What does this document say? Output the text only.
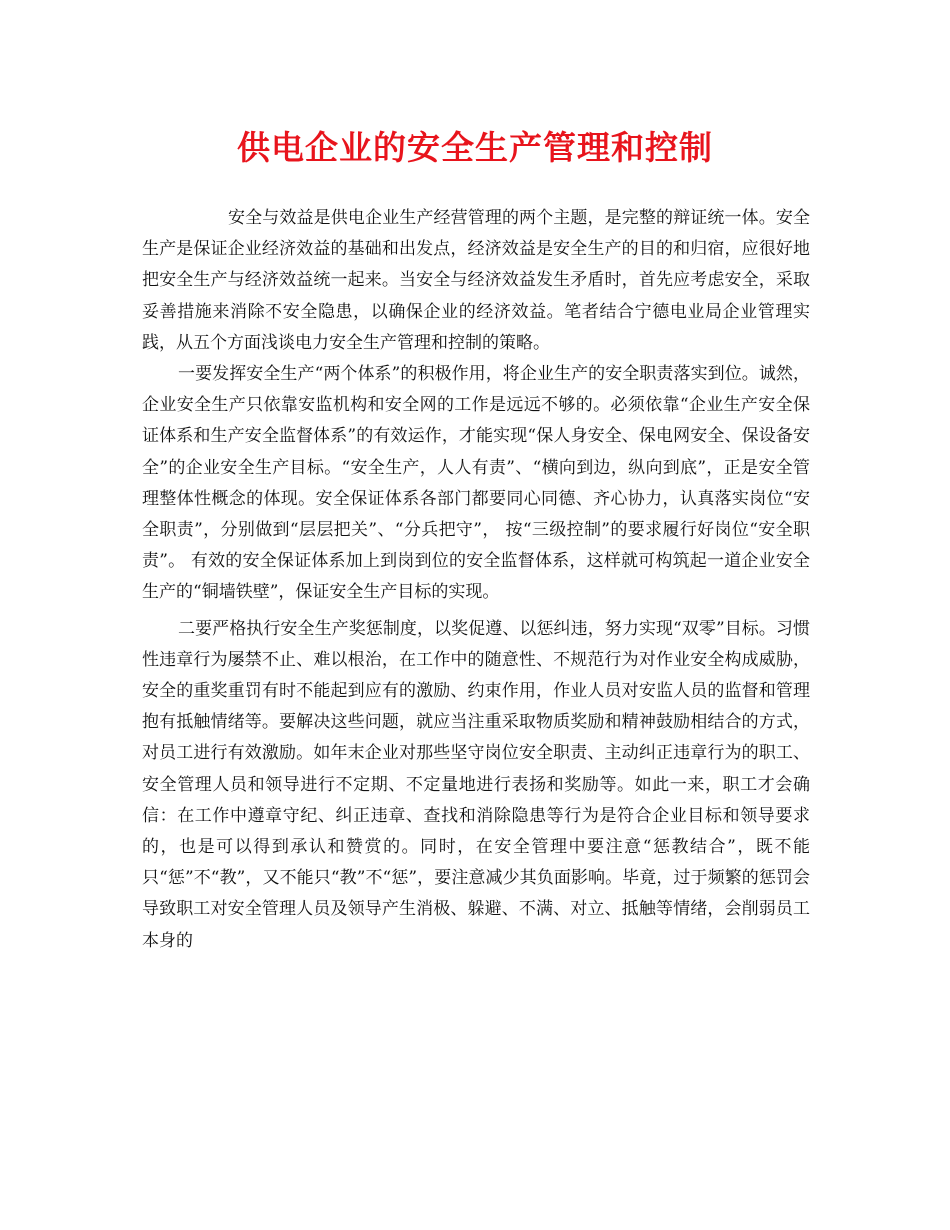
供电企业的安全生产管理和控制

安全与效益是供电企业生产经营管理的两个主题，是完整的辩证统一体。安全生产是保证企业经济效益的基础和出发点，经济效益是安全生产的目的和归宿，应很好地把安全生产与经济效益统一起来。当安全与经济效益发生矛盾时，首先应考虑安全，采取妥善措施来消除不安全隐患，以确保企业的经济效益。笔者结合宁德电业局企业管理实践，从五个方面浅谈电力安全生产管理和控制的策略。

一要发挥安全生产“两个体系”的积极作用，将企业生产的安全职责落实到位。诚然，企业安全生产只依靠安监机构和安全网的工作是远远不够的。必须依靠“企业生产安全保证体系和生产安全监督体系”的有效运作，才能实现“保人身安全、保电网安全、保设备安全”的企业安全生产目标。“安全生产，人人有责”、“横向到边，纵向到底”，正是安全管理整体性概念的体现。安全保证体系各部门都要同心同德、齐心协力，认真落实岗位“安全职责”，分别做到“层层把关”、“分兵把守”， 按“三级控制”的要求履行好岗位“安全职责”。 有效的安全保证体系加上到岗到位的安全监督体系，这样就可构筑起一道企业安全生产的“铜墙铁壁”，保证安全生产目标的实现。

二要严格执行安全生产奖惩制度，以奖促遵、以惩纠违，努力实现“双零”目标。习惯性违章行为屡禁不止、难以根治，在工作中的随意性、不规范行为对作业安全构成威胁，安全的重奖重罚有时不能起到应有的激励、约束作用，作业人员对安监人员的监督和管理抱有抵触情绪等。要解决这些问题，就应当注重采取物质奖励和精神鼓励相结合的方式，对员工进行有效激励。如年末企业对那些坚守岗位安全职责、主动纠正违章行为的职工、安全管理人员和领导进行不定期、不定量地进行表扬和奖励等。如此一来，职工才会确信：在工作中遵章守纪、纠正违章、查找和消除隐患等行为是符合企业目标和领导要求的，也是可以得到承认和赞赏的。同时，在安全管理中要注意“惩教结合”，既不能只“惩”不“教”，又不能只“教”不“惩”，要注意减少其负面影响。毕竟，过于频繁的惩罚会导致职工对安全管理人员及领导产生消极、躲避、不满、对立、抵触等情绪，会削弱员工本身的
